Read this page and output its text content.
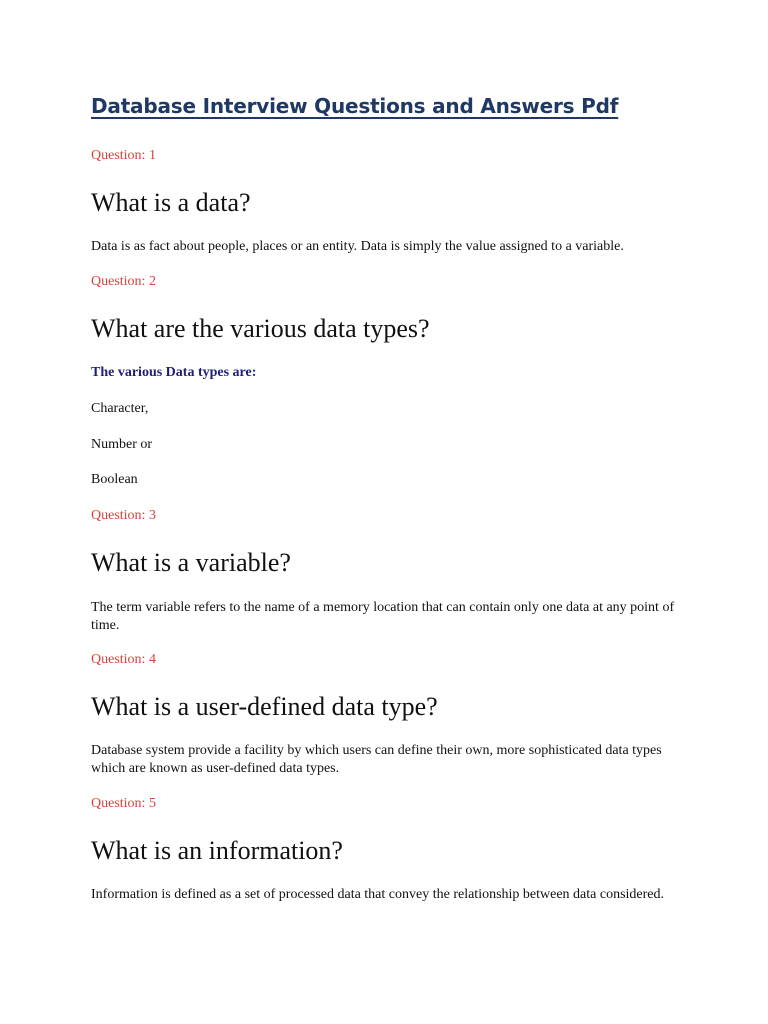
Database Interview Questions and Answers Pdf
Question: 1
What is a data?

Data is as fact about people, places or an entity. Data is simply the value assigned to a variable.

Question: 2
What are the various data types?
The various Data types are:
Character,
Number or
Boolean
Question: 3
What is a variable?

The term variable refers to the name of a memory location that can contain only one data at any point of time.

Question: 4
What is a user-defined data type?

Database system provide a facility by which users can define their own, more sophisticated data types which are known as user-defined data types.

Question: 5
What is an information?

Information is defined as a set of processed data that convey the relationship between data considered.
